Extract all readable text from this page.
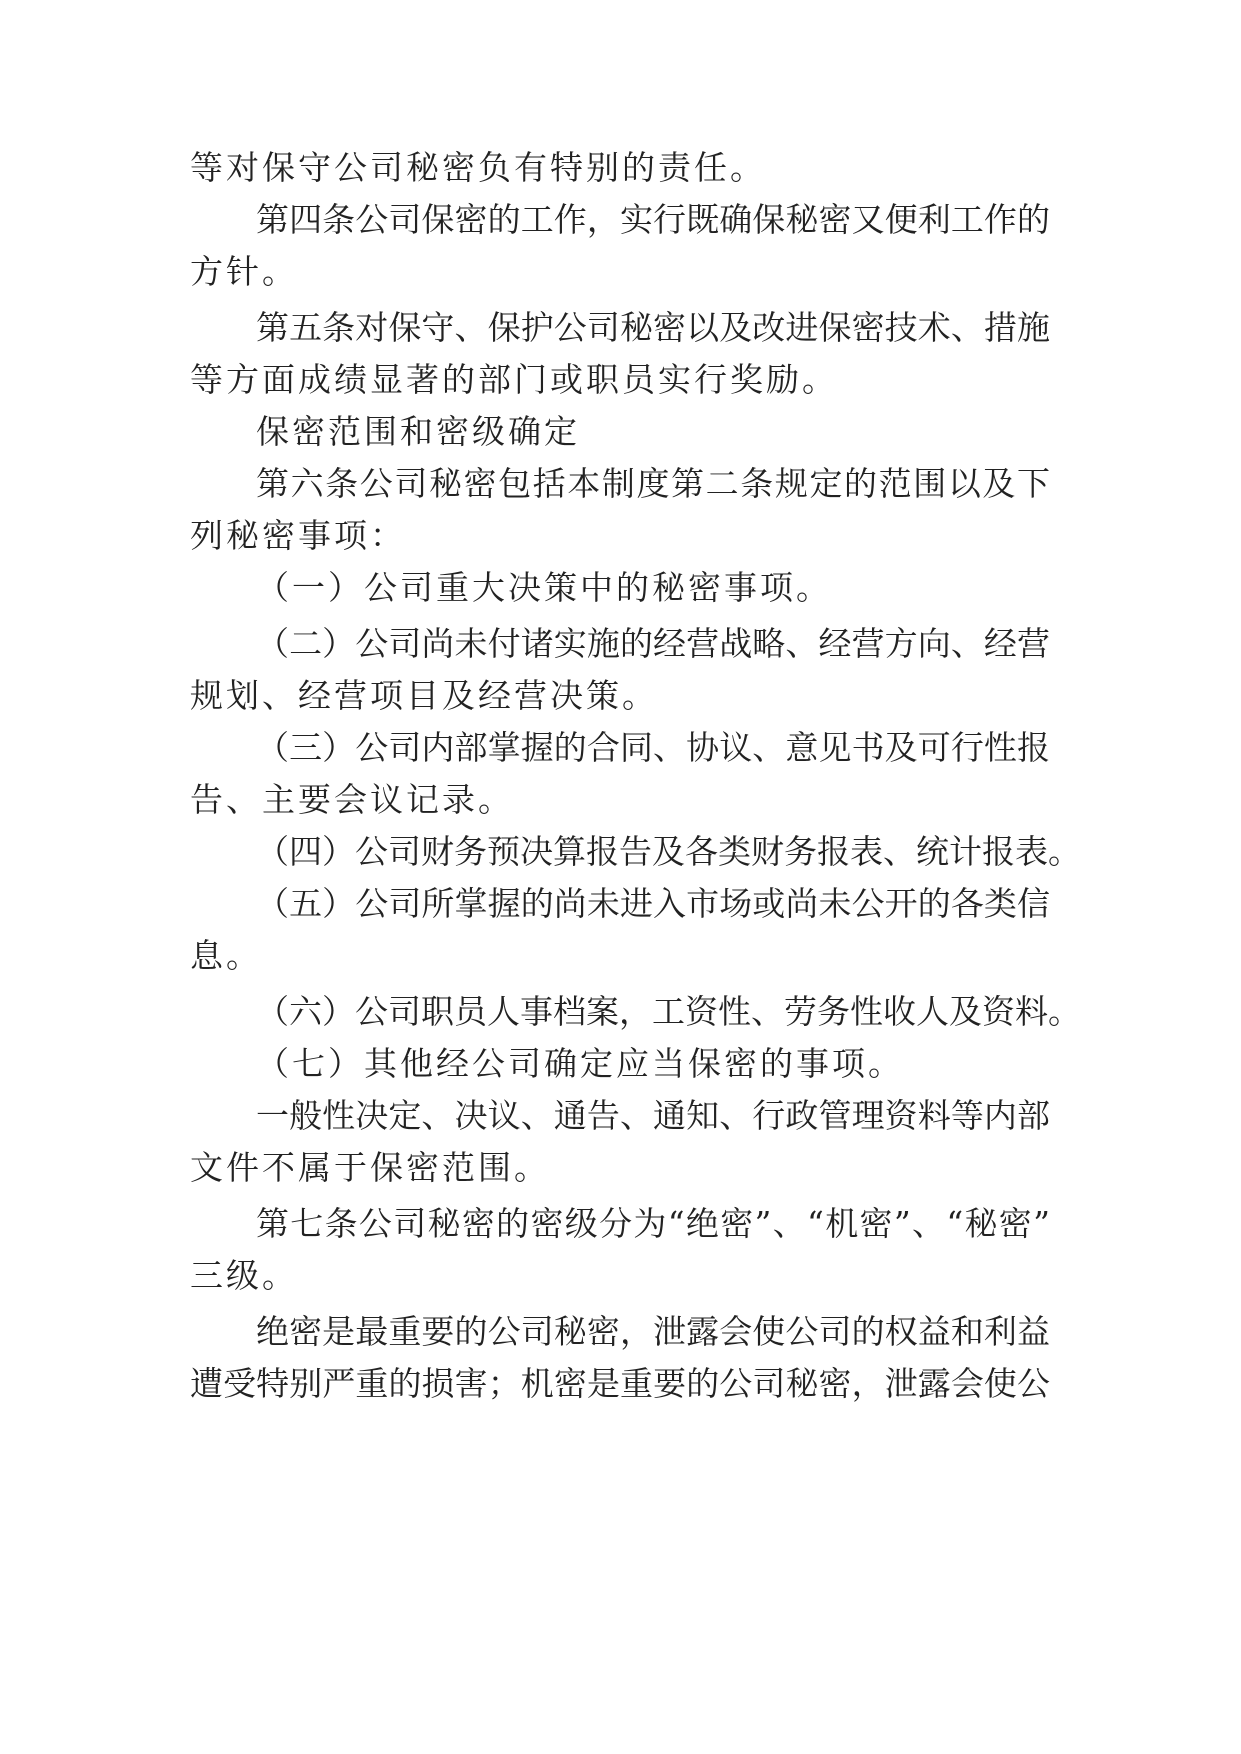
等对保守公司秘密负有特别的责任。
第四条公司保密的工作，实行既确保秘密又便利工作的
方针。
第五条对保守、保护公司秘密以及改进保密技术、措施
等方面成绩显著的部门或职员实行奖励。
保密范围和密级确定
第六条公司秘密包括本制度第二条规定的范围以及下
列秘密事项：
（一）公司重大决策中的秘密事项。
（二）公司尚未付诸实施的经营战略、经营方向、经营
规划、经营项目及经营决策。
（三）公司内部掌握的合同、协议、意见书及可行性报
告、主要会议记录。
（四）公司财务预决算报告及各类财务报表、统计报表。
（五）公司所掌握的尚未进入市场或尚未公开的各类信
息。
（六）公司职员人事档案，工资性、劳务性收人及资料。
（七）其他经公司确定应当保密的事项。
一般性决定、决议、通告、通知、行政管理资料等内部
文件不属于保密范围。
第七条公司秘密的密级分为“绝密”、“机密”、“秘密”
三级。
绝密是最重要的公司秘密，泄露会使公司的权益和利益
遭受特别严重的损害；机密是重要的公司秘密，泄露会使公
